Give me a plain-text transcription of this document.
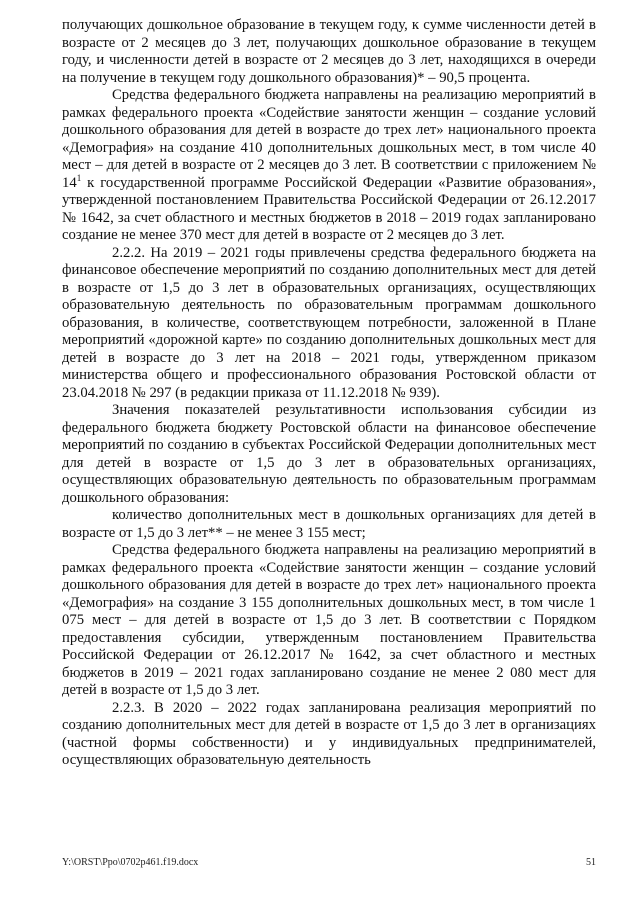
получающих дошкольное образование в текущем году, к сумме численности детей в возрасте от 2 месяцев до 3 лет, получающих дошкольное образование в текущем году, и численности детей в возрасте от 2 месяцев до 3 лет, находящихся в очереди на получение в текущем году дошкольного образования)* – 90,5 процента.

Средства федерального бюджета направлены на реализацию мероприятий в рамках федерального проекта «Содействие занятости женщин – создание условий дошкольного образования для детей в возрасте до трех лет» национального проекта «Демография» на создание 410 дополнительных дошкольных мест, в том числе 40 мест – для детей в возрасте от 2 месяцев до 3 лет. В соответствии с приложением № $14^1$ к государственной программе Российской Федерации «Развитие образования», утвержденной постановлением Правительства Российской Федерации от 26.12.2017 № 1642, за счет областного и местных бюджетов в 2018 – 2019 годах запланировано создание не менее 370 мест для детей в возрасте от 2 месяцев до 3 лет.

2.2.2. На 2019 – 2021 годы привлечены средства федерального бюджета на финансовое обеспечение мероприятий по созданию дополнительных мест для детей в возрасте от 1,5 до 3 лет в образовательных организациях, осуществляющих образовательную деятельность по образовательным программам дошкольного образования, в количестве, соответствующем потребности, заложенной в Плане мероприятий «дорожной карте» по созданию дополнительных дошкольных мест для детей в возрасте до 3 лет на 2018 – 2021 годы, утвержденном приказом министерства общего и профессионального образования Ростовской области от 23.04.2018 № 297 (в редакции приказа от 11.12.2018 № 939).

Значения показателей результативности использования субсидии из федерального бюджета бюджету Ростовской области на финансовое обеспечение мероприятий по созданию в субъектах Российской Федерации дополнительных мест для детей в возрасте от 1,5 до 3 лет в образовательных организациях, осуществляющих образовательную деятельность по образовательным программам дошкольного образования:

количество дополнительных мест в дошкольных организациях для детей в возрасте от 1,5 до 3 лет** – не менее 3 155 мест;

Средства федерального бюджета направлены на реализацию мероприятий в рамках федерального проекта «Содействие занятости женщин – создание условий дошкольного образования для детей в возрасте до трех лет» национального проекта «Демография» на создание 3 155 дополнительных дошкольных мест, в том числе 1 075 мест – для детей в возрасте от 1,5 до 3 лет. В соответствии с Порядком предоставления субсидии, утвержденным постановлением Правительства Российской Федерации от 26.12.2017 № 1642, за счет областного и местных бюджетов в 2019 – 2021 годах запланировано создание не менее 2 080 мест для детей в возрасте от 1,5 до 3 лет.

2.2.3. В 2020 – 2022 годах запланирована реализация мероприятий по созданию дополнительных мест для детей в возрасте от 1,5 до 3 лет в организациях (частной формы собственности) и у индивидуальных предпринимателей, осуществляющих образовательную деятельность

Y:\ORST\Ppo\0702p461.f19.docx	51
